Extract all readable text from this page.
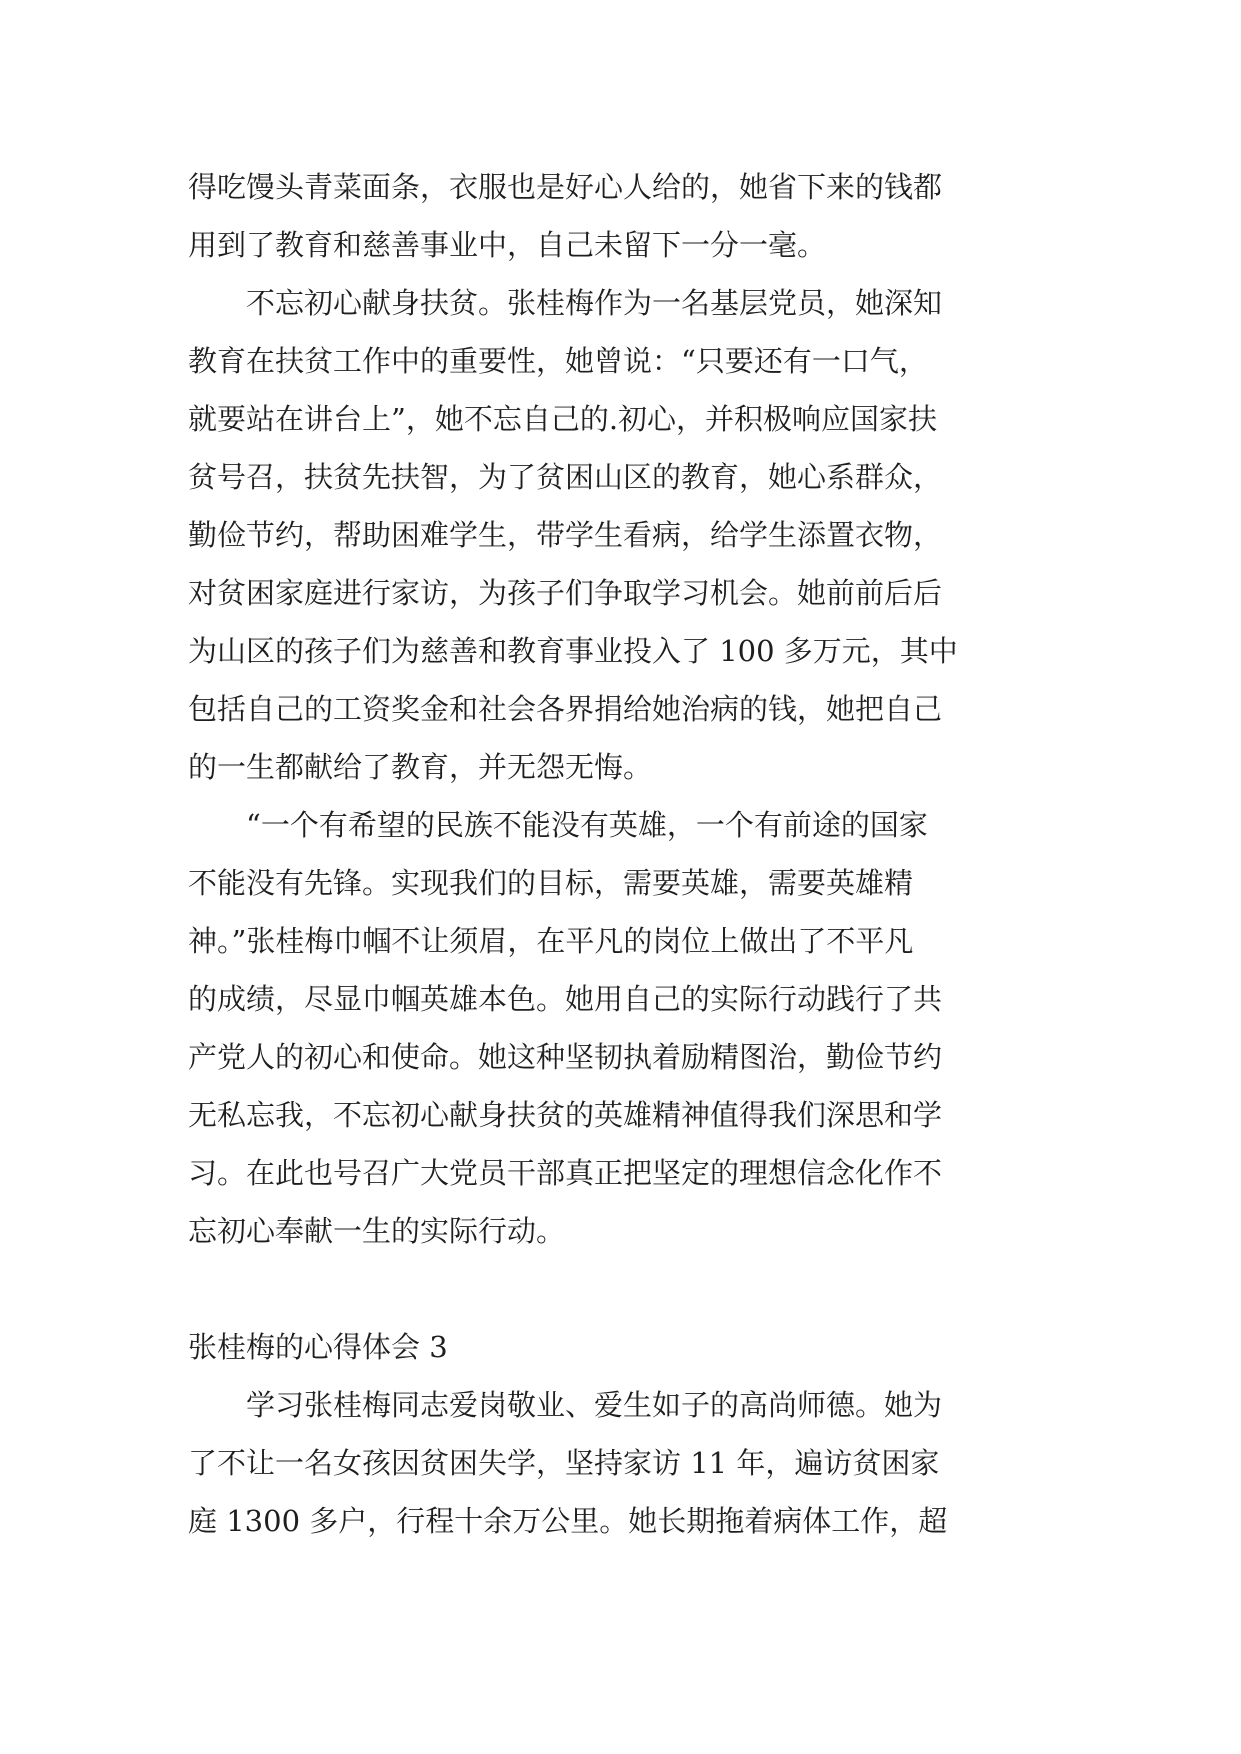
得吃馒头青菜面条，衣服也是好心人给的，她省下来的钱都
用到了教育和慈善事业中，自己未留下一分一毫。
　　不忘初心献身扶贫。张桂梅作为一名基层党员，她深知
教育在扶贫工作中的重要性，她曾说：“只要还有一口气，
就要站在讲台上”，她不忘自己的.初心，并积极响应国家扶
贫号召，扶贫先扶智，为了贫困山区的教育，她心系群众，
勤俭节约，帮助困难学生，带学生看病，给学生添置衣物，
对贫困家庭进行家访，为孩子们争取学习机会。她前前后后
为山区的孩子们为慈善和教育事业投入了 100 多万元，其中
包括自己的工资奖金和社会各界捐给她治病的钱，她把自己
的一生都献给了教育，并无怨无悔。
　　“一个有希望的民族不能没有英雄，一个有前途的国家
不能没有先锋。实现我们的目标，需要英雄，需要英雄精
神。”张桂梅巾帼不让须眉，在平凡的岗位上做出了不平凡
的成绩，尽显巾帼英雄本色。她用自己的实际行动践行了共
产党人的初心和使命。她这种坚韧执着励精图治，勤俭节约
无私忘我，不忘初心献身扶贫的英雄精神值得我们深思和学
习。在此也号召广大党员干部真正把坚定的理想信念化作不
忘初心奉献一生的实际行动。
张桂梅的心得体会 3
　　学习张桂梅同志爱岗敬业、爱生如子的高尚师德。她为
了不让一名女孩因贫困失学，坚持家访 11 年，遍访贫困家
庭 1300 多户，行程十余万公里。她长期拖着病体工作，超
